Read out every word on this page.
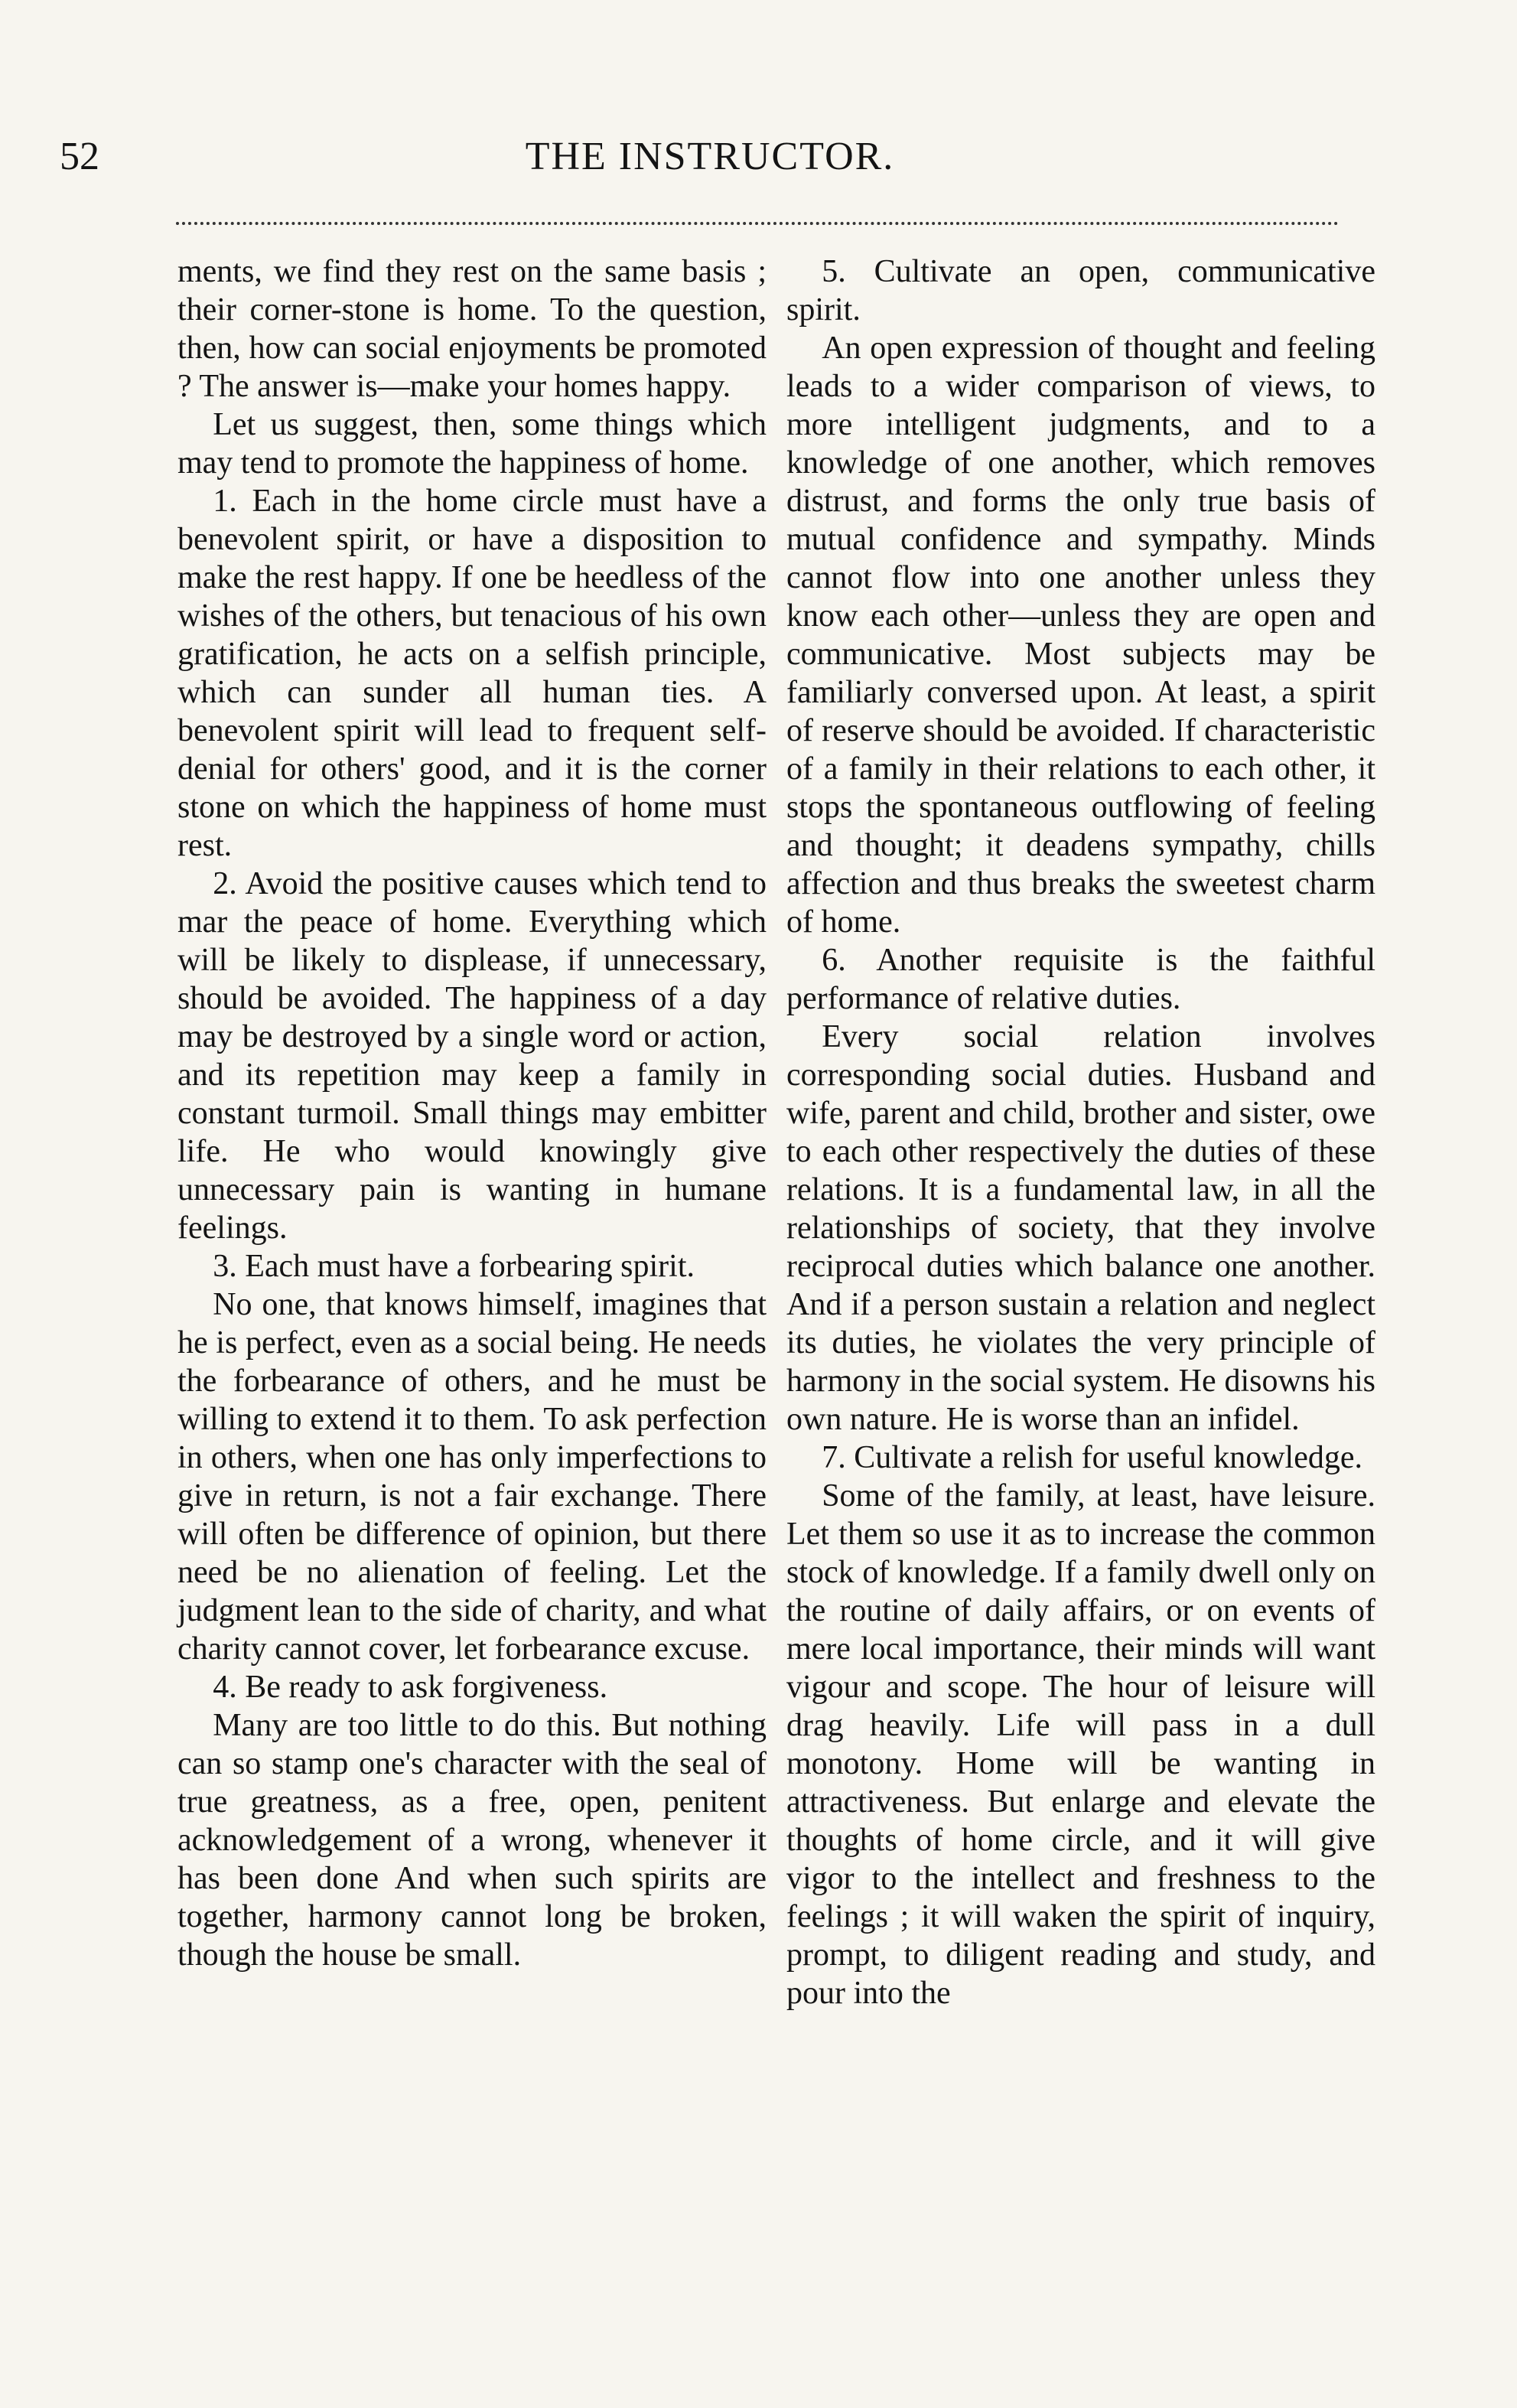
52	THE INSTRUCTOR.

ments, we find they rest on the same basis ; their corner-stone is home. To the question, then, how can social enjoyments be promoted ? The answer is—make your homes happy.

Let us suggest, then, some things which may tend to promote the happiness of home.

1. Each in the home circle must have a benevolent spirit, or have a disposition to make the rest happy. If one be heedless of the wishes of the others, but tenacious of his own gratification, he acts on a selfish principle, which can sunder all human ties. A benevolent spirit will lead to frequent self-denial for others' good, and it is the corner stone on which the happiness of home must rest.

2. Avoid the positive causes which tend to mar the peace of home. Everything which will be likely to displease, if unnecessary, should be avoided. The happiness of a day may be destroyed by a single word or action, and its repetition may keep a family in constant turmoil. Small things may embitter life. He who would knowingly give unnecessary pain is wanting in humane feelings.

3. Each must have a forbearing spirit.

No one, that knows himself, imagines that he is perfect, even as a social being. He needs the forbearance of others, and he must be willing to extend it to them. To ask perfection in others, when one has only imperfections to give in return, is not a fair exchange. There will often be difference of opinion, but there need be no alienation of feeling. Let the judgment lean to the side of charity, and what charity cannot cover, let forbearance excuse.

4. Be ready to ask forgiveness.

Many are too little to do this. But nothing can so stamp one's character with the seal of true greatness, as a free, open, penitent acknowledgement of a wrong, whenever it has been done And when such spirits are together, harmony cannot long be broken, though the house be small.

5. Cultivate an open, communicative spirit.

An open expression of thought and feeling leads to a wider comparison of views, to more intelligent judgments, and to a knowledge of one another, which removes distrust, and forms the only true basis of mutual confidence and sympathy. Minds cannot flow into one another unless they know each other—unless they are open and communicative. Most subjects may be familiarly conversed upon. At least, a spirit of reserve should be avoided. If characteristic of a family in their relations to each other, it stops the spontaneous outflowing of feeling and thought; it deadens sympathy, chills affection and thus breaks the sweetest charm of home.

6. Another requisite is the faithful performance of relative duties.

Every social relation involves corresponding social duties. Husband and wife, parent and child, brother and sister, owe to each other respectively the duties of these relations. It is a fundamental law, in all the relationships of society, that they involve reciprocal duties which balance one another. And if a person sustain a relation and neglect its duties, he violates the very principle of harmony in the social system. He disowns his own nature. He is worse than an infidel.

7. Cultivate a relish for useful knowledge.

Some of the family, at least, have leisure. Let them so use it as to increase the common stock of knowledge. If a family dwell only on the routine of daily affairs, or on events of mere local importance, their minds will want vigour and scope. The hour of leisure will drag heavily. Life will pass in a dull monotony. Home will be wanting in attractiveness. But enlarge and elevate the thoughts of home circle, and it will give vigor to the intellect and freshness to the feelings ; it will waken the spirit of inquiry, prompt, to diligent reading and study, and pour into the
